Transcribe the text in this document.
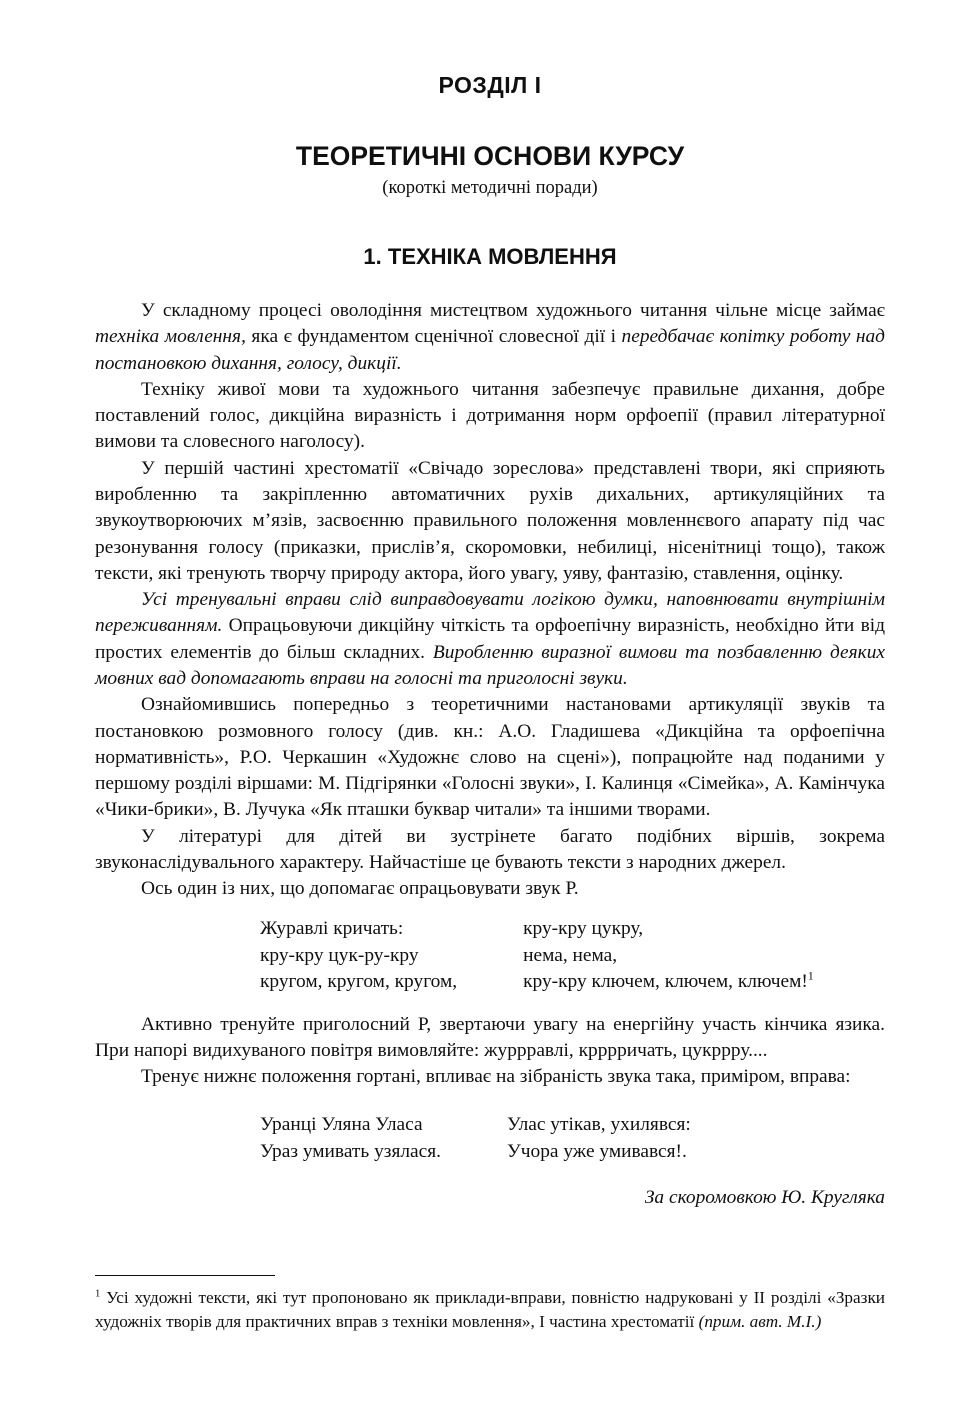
РОЗДІЛ I
ТЕОРЕТИЧНІ ОСНОВИ КУРСУ
(короткі методичні поради)
1. ТЕХНІКА МОВЛЕННЯ

У складному процесі оволодіння мистецтвом художнього читання чільне місце займає техніка мовлення, яка є фундаментом сценічної словесної дії і передбачає копітку роботу над постановкою дихання, голосу, дикції.

Техніку живої мови та художнього читання забезпечує правильне дихання, добре поставлений голос, дикційна виразність і дотримання норм орфоепії (правил літературної вимови та словесного наголосу).

У першій частині хрестоматії «Свічадо зореслова» представлені твори, які сприяють виробленню та закріпленню автоматичних рухів дихальних, артикуляційних та звукоутворюючих м’язів, засвоєнню правильного положення мовленнєвого апарату під час резонування голосу (приказки, прислів’я, скоромовки, небилиці, нісенітниці тощо), також тексти, які тренують творчу природу актора, його увагу, уяву, фантазію, ставлення, оцінку.

Усі тренувальні вправи слід виправдовувати логікою думки, наповнювати внутрішнім переживанням. Опрацьовуючи дикційну чіткість та орфоепічну виразність, необхідно йти від простих елементів до більш складних. Виробленню виразної вимови та позбавленню деяких мовних вад допомагають вправи на голосні та приголосні звуки.

Ознайомившись попередньо з теоретичними настановами артикуляції звуків та постановкою розмовного голосу (див. кн.: А.О. Гладишева «Дикційна та орфоепічна нормативність», Р.О. Черкашин «Художнє слово на сцені»), попрацюйте над поданими у першому розділі віршами: М. Підгірянки «Голосні звуки», І. Калинця «Сімейка», А. Камінчука «Чики-брики», В. Лучука «Як пташки буквар читали» та іншими творами.

У літературі для дітей ви зустрінете багато подібних віршів, зокрема звуконаслідувального характеру. Найчастіше це бувають тексти з народних джерел.

Ось один із них, що допомагає опрацьовувати звук Р.

Журавлі кричать:	кру-кру цукру,
кру-кру цук-ру-кру	нема, нема,
кругом, кругом, кругом,	кру-кру ключем, ключем, ключем!$^1$

Активно тренуйте приголосний Р, звертаючи увагу на енергійну участь кінчика язика. При напорі видихуваного повітря вимовляйте: журрравлі, крррричать, цукррру....

Тренує нижнє положення гортані, впливає на зібраність звука така, приміром, вправа:

Уранці Уляна Уласа	Улас утікав, ухилявся:
Ураз умивать узялася.	Учора уже умивався!.
За скоромовкою Ю. Кругляка

$^1$ Усі художні тексти, які тут пропоновано як приклади-вправи, повністю надруковані у II розділі «Зразки художніх творів для практичних вправ з техніки мовлення», І частина хрестоматії (прим. авт. М.І.)
